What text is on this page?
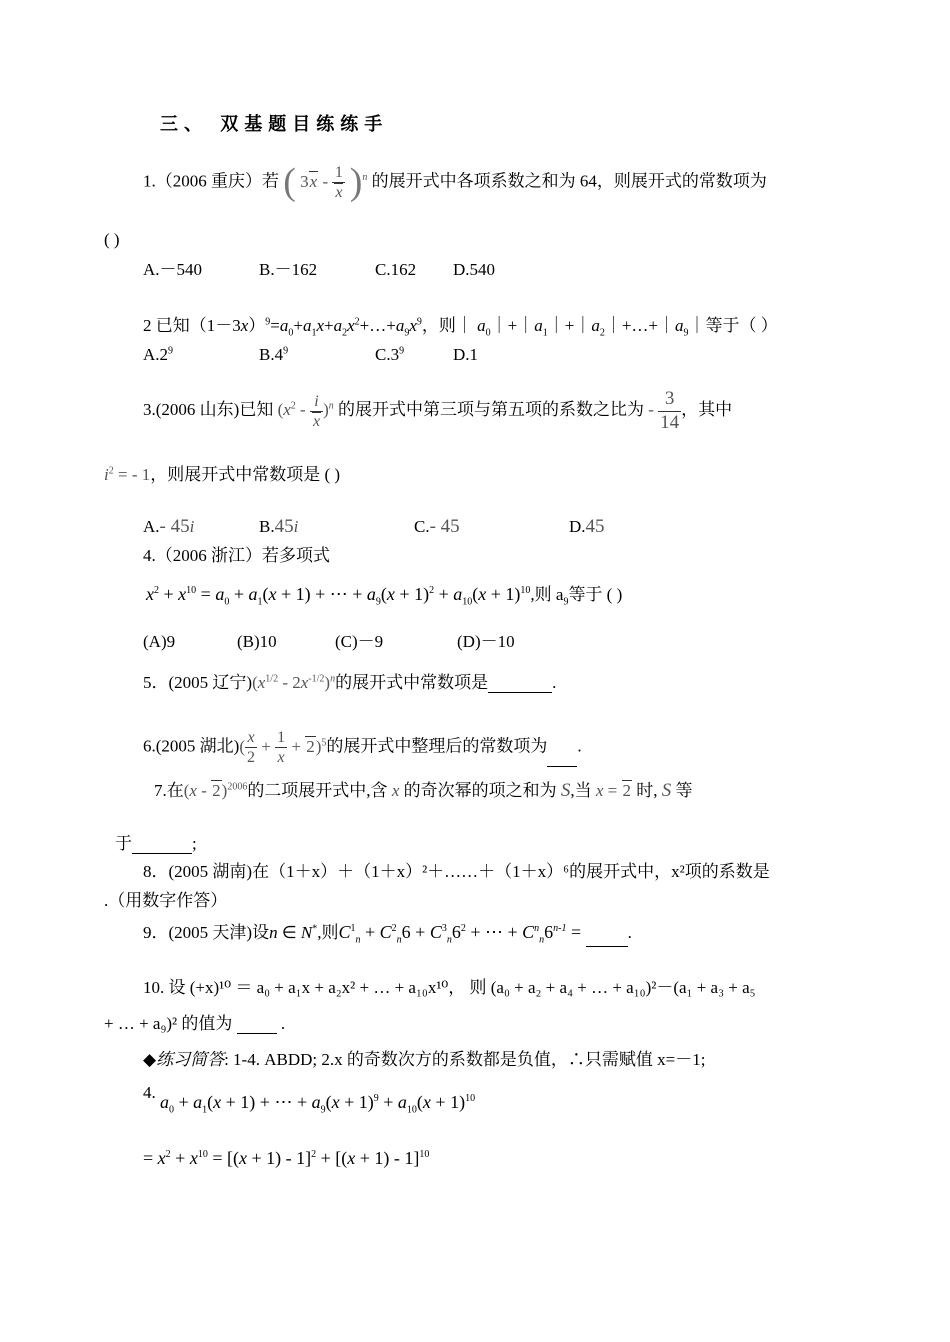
三、 双基题目练练手
1.（2006 重庆）若 ( $3x - \frac{1}{x} )^n$ 的展开式中各项系数之和为 64，则展开式的常数项为
( )
A.－540	B.－162	C.162 D.540
2 已知$(1-3x)^9=a_0+a_1x+a_2x^2+\dots+a_9x^9$，则｜ $a_0|+|a_1|+|a_2|+\dots+|a_9|$等于（ ）
$A.2^9$	$B.4^9$	$C.3^9$	D.1
3.(2006 山东)已知 $(x^2 - \frac{i}{x} )^n$ 的展开式中第三项与第五项的系数之比为 - $\frac{3}{14}$ ，其中
$i^2$ = - 1，则展开式中常数项是 ( )
A.- 45i	B.45i	C.- 45	D.45
4.（2006 浙江）若多项式
$x^2 + x^{10} = a_0 + a_1(x + 1)$ + ⋯ + $a_9(x + 1)^2 + a_{10}(x + 1)^{10}$,则 $a_9$等于 ( )
(A)9	(B)10	(C)－9	(D)－10
5．(2005 辽宁)$(x^{1/2} - 2x^{-1/2})^n$的展开式中常数项是	.
6.(2005 湖北)( $\frac{x}{2} + \frac{1}{x} + 2)^5$的展开式中整理后的常数项为 .
7.在(x - 2)$^{2006}$的二项展开式中,含 x 的奇次幂的项之和为 S,当 x = 2 时, S 等
于	;
8．(2005 湖南)在（1＋x）＋（1＋x）²＋……＋（1＋x）⁶的展开式中，x²项的系数是
.（用数字作答）
9．(2005 天津)设n ∈ N*,则$C^1_n + C^2_n6 + C^3_n6^2$ + ⋯ + $C^n_n6^{n-1}$ = .
10. 设 (+x)¹⁰ ＝ a₀ + a₁x + a₂x² + … + a₁₀x¹⁰， 则 (a₀ + a₂ + a₄ + … + a₁₀)²－(a₁ + a₃ + a₅
+ … + a₉)² 的值为	.
◆练习简答: 1-4. ABDD; 2.x 的奇数次方的系数都是负值，∴只需赋值 x=－1;
4. $a_0 + a_1(x + 1)$ + ⋯ + $a_9(x + 1)^9 + a_{10}(x + 1)^{10}$
= $x^2 + x^{10} = [(x + 1) - 1]^2 + [(x + 1) - 1]^{10}$
